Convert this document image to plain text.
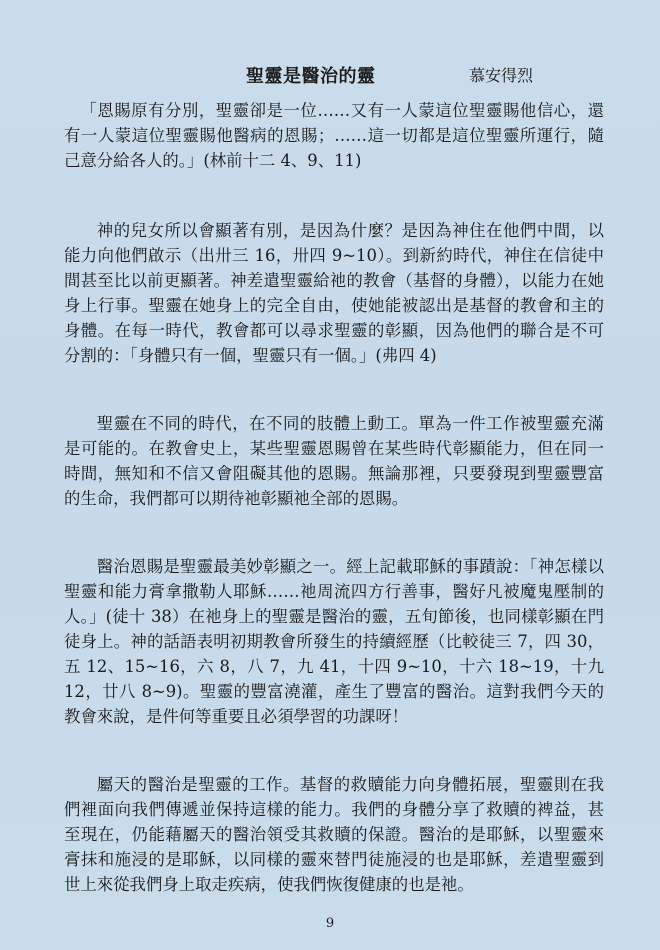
聖靈是醫治的靈	慕安得烈

「恩賜原有分別，聖靈卻是一位……又有一人蒙這位聖靈賜他信心，還有一人蒙這位聖靈賜他醫病的恩賜；……這一切都是這位聖靈所運行，隨己意分給各人的。」(林前十二 4、9、11)

神的兒女所以會顯著有別，是因為什麼？是因為神住在他們中間，以能力向他們啟示（出卅三 16，卅四 9~10）。到新約時代，神住在信徒中間甚至比以前更顯著。神差遣聖靈給祂的教會（基督的身體），以能力在她身上行事。聖靈在她身上的完全自由，使她能被認出是基督的教會和主的身體。在每一時代，教會都可以尋求聖靈的彰顯，因為他們的聯合是不可分割的：「身體只有一個，聖靈只有一個。」(弗四 4)

聖靈在不同的時代，在不同的肢體上動工。單為一件工作被聖靈充滿是可能的。在教會史上，某些聖靈恩賜曾在某些時代彰顯能力，但在同一時間，無知和不信又會阻礙其他的恩賜。無論那裡，只要發現到聖靈豐富的生命，我們都可以期待祂彰顯祂全部的恩賜。

醫治恩賜是聖靈最美妙彰顯之一。經上記載耶穌的事蹟說：「神怎樣以聖靈和能力膏拿撒勒人耶穌……祂周流四方行善事，醫好凡被魔鬼壓制的人。」(徒十 38）在祂身上的聖靈是醫治的靈，五旬節後，也同樣彰顯在門徒身上。神的話語表明初期教會所發生的持續經歷（比較徒三 7，四 30，五 12、15~16，六 8，八 7，九 41，十四 9~10，十六 18~19，十九 12，廿八 8~9)。聖靈的豐富澆灌，產生了豐富的醫治。這對我們今天的教會來說，是件何等重要且必須學習的功課呀！

屬天的醫治是聖靈的工作。基督的救贖能力向身體拓展，聖靈則在我們裡面向我們傳遞並保持這樣的能力。我們的身體分享了救贖的裨益，甚至現在，仍能藉屬天的醫治領受其救贖的保證。醫治的是耶穌，以聖靈來膏抹和施浸的是耶穌，以同樣的靈來替門徒施浸的也是耶穌，差遣聖靈到世上來從我們身上取走疾病，使我們恢復健康的也是祂。

9
